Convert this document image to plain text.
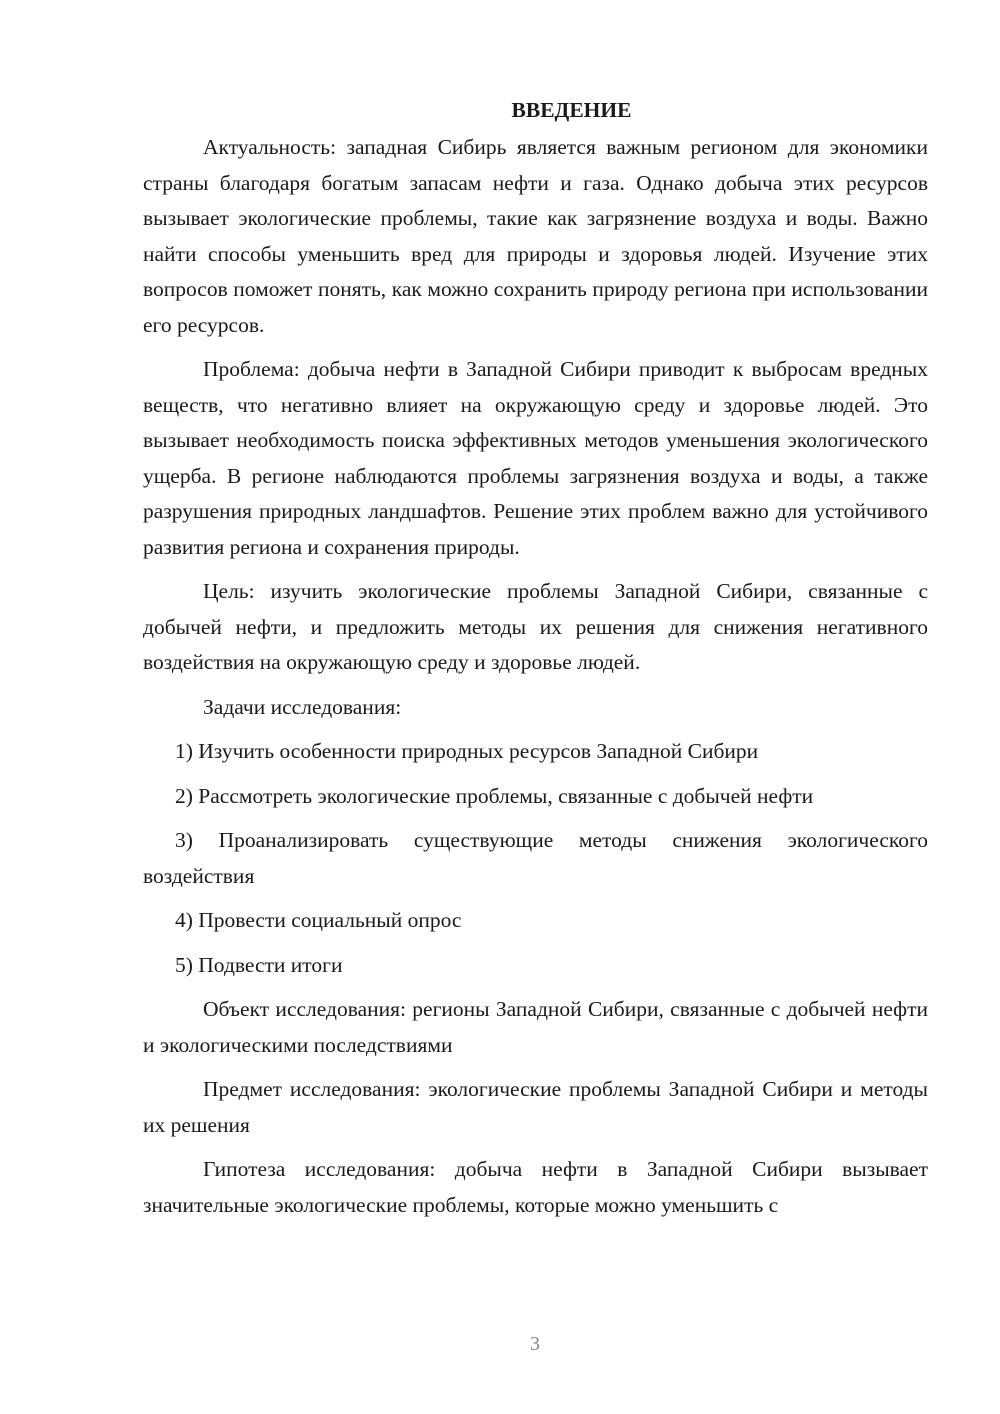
ВВЕДЕНИЕ

Актуальность: западная Сибирь является важным регионом для экономики страны благодаря богатым запасам нефти и газа. Однако добыча этих ресурсов вызывает экологические проблемы, такие как загрязнение воздуха и воды. Важно найти способы уменьшить вред для природы и здоровья людей. Изучение этих вопросов поможет понять, как можно сохранить природу региона при использовании его ресурсов.

Проблема: добыча нефти в Западной Сибири приводит к выбросам вредных веществ, что негативно влияет на окружающую среду и здоровье людей. Это вызывает необходимость поиска эффективных методов уменьшения экологического ущерба. В регионе наблюдаются проблемы загрязнения воздуха и воды, а также разрушения природных ландшафтов. Решение этих проблем важно для устойчивого развития региона и сохранения природы.

Цель: изучить экологические проблемы Западной Сибири, связанные с добычей нефти, и предложить методы их решения для снижения негативного воздействия на окружающую среду и здоровье людей.

Задачи исследования:

1) Изучить особенности природных ресурсов Западной Сибири

2) Рассмотреть экологические проблемы, связанные с добычей нефти

3) Проанализировать существующие методы снижения экологического воздействия

4) Провести социальный опрос

5) Подвести итоги

Объект исследования: регионы Западной Сибири, связанные с добычей нефти и экологическими последствиями

Предмет исследования: экологические проблемы Западной Сибири и методы их решения

Гипотеза исследования: добыча нефти в Западной Сибири вызывает значительные экологические проблемы, которые можно уменьшить с

3
